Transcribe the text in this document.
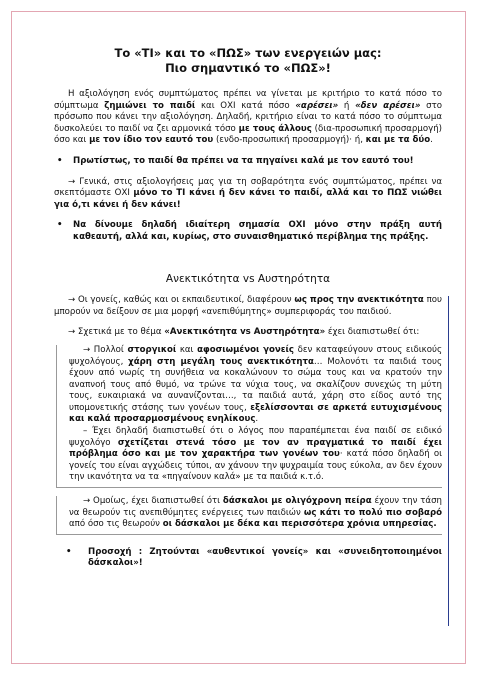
Το «ΤΙ» και το «ΠΩΣ» των ενεργειών μας:
Πιο σημαντικό το «ΠΩΣ»!

Η αξιολόγηση ενός συμπτώματος πρέπει να γίνεται με κριτήριο το κατά πόσο το σύμπτωμα ζημιώνει το παιδί και ΟΧΙ κατά πόσο «αρέσει» ή «δεν αρέσει» στο πρόσωπο που κάνει την αξιολόγηση. Δηλαδή, κριτήριο είναι το κατά πόσο το σύμπτωμα δυσκολεύει το παιδί να ζει αρμονικά τόσο με τους άλλους (δια-προσωπική προσαρμογή) όσο και με τον ίδιο τον εαυτό του (ενδο-προσωπική προσαρμογή)· ή, και με τα δύο.

•	Πρωτίστως, το παιδί θα πρέπει να τα πηγαίνει καλά με τον εαυτό του!

→ Γενικά, στις αξιολογήσεις μας για τη σοβαρότητα ενός συμπτώματος, πρέπει να σκεπτόμαστε ΟΧΙ μόνο το ΤΙ κάνει ή δεν κάνει το παιδί, αλλά και το ΠΩΣ νιώθει για ό,τι κάνει ή δεν κάνει!

•	Να δίνουμε δηλαδή ιδιαίτερη σημασία ΟΧΙ μόνο στην πράξη αυτή καθεαυτή, αλλά και, κυρίως, στο συναισθηματικό περίβλημα της πράξης.
Ανεκτικότητα vs Αυστηρότητα

→ Οι γονείς, καθώς και οι εκπαιδευτικοί, διαφέρουν ως προς την ανεκτικότητα που μπορούν να δείξουν σε μια μορφή «ανεπιθύμητης» συμπεριφοράς του παιδιού.

→ Σχετικά με το θέμα «Ανεκτικότητα vs Αυστηρότητα» έχει διαπιστωθεί ότι:

→ Πολλοί στοργικοί και αφοσιωμένοι γονείς δεν καταφεύγουν στους ειδικούς ψυχολόγους, χάρη στη μεγάλη τους ανεκτικότητα… Μολονότι τα παιδιά τους έχουν από νωρίς τη συνήθεια να κοκαλώνουν το σώμα τους και να κρατούν την αναπνοή τους από θυμό, να τρώνε τα νύχια τους, να σκαλίζουν συνεχώς τη μύτη τους, ευκαιριακά να αυνανίζονται…, τα παιδιά αυτά, χάρη στο είδος αυτό της υπομονετικής στάσης των γονέων τους, εξελίσσονται σε αρκετά ευτυχισμένους και καλά προσαρμοσμένους ενηλίκους.

– Έχει δηλαδή διαπιστωθεί ότι ο λόγος που παραπέμπεται ένα παιδί σε ειδικό ψυχολόγο σχετίζεται στενά τόσο με τον αν πραγματικά το παιδί έχει πρόβλημα όσο και με τον χαρακτήρα των γονέων του· κατά πόσο δηλαδή οι γονείς του είναι αγχώδεις τύποι, αν χάνουν την ψυχραιμία τους εύκολα, αν δεν έχουν την ικανότητα να τα «πηγαίνουν καλά» με τα παιδιά κ.τ.ό.

→ Ομοίως, έχει διαπιστωθεί ότι δάσκαλοι με ολιγόχρονη πείρα έχουν την τάση να θεωρούν τις ανεπιθύμητες ενέργειες των παιδιών ως κάτι το πολύ πιο σοβαρό από όσο τις θεωρούν οι δάσκαλοι με δέκα και περισσότερα χρόνια υπηρεσίας.

•	Προσοχή : Ζητούνται «αυθεντικοί γονείς» και «συνειδητοποιημένοι δάσκαλοι»!
